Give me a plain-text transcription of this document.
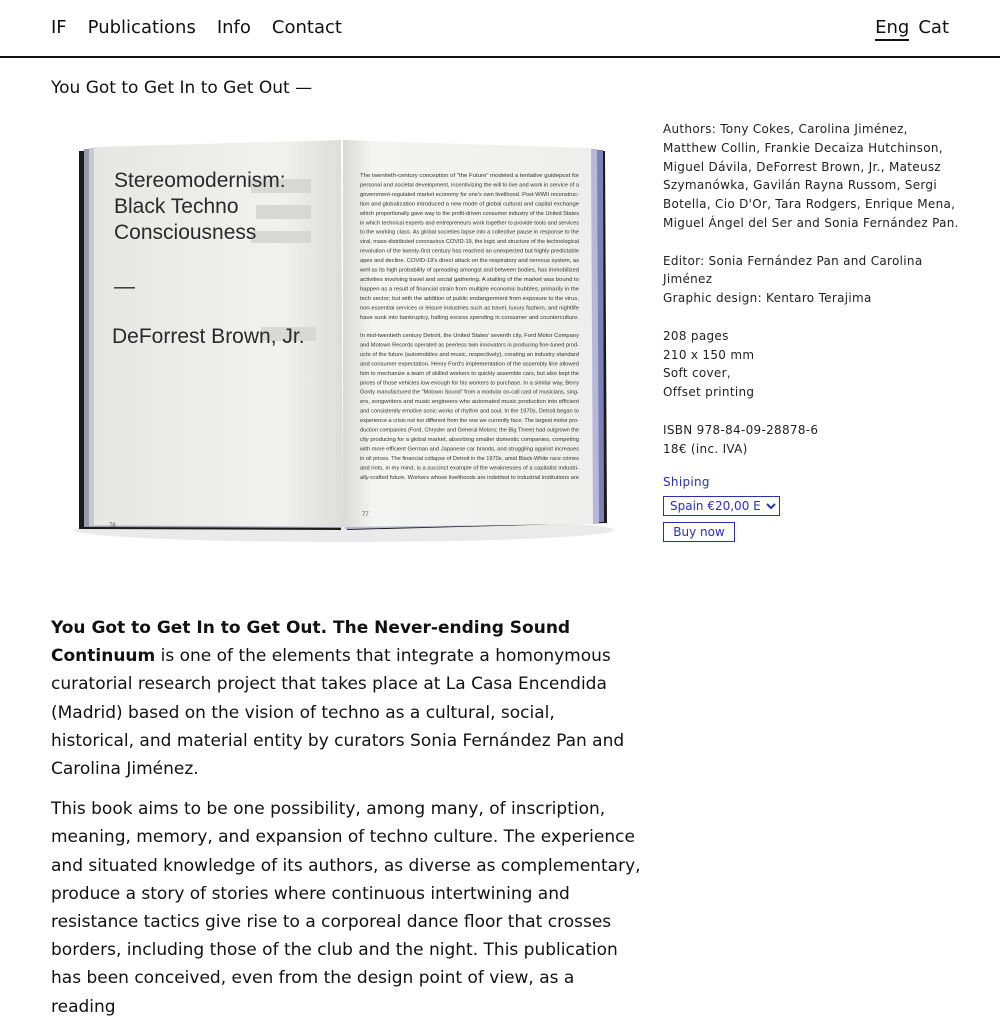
IF Publications Info Contact	Eng Cat
You Got to Get In to Get Out —
Stereomodernism:
Black Techno
Consciousness
—
DeForrest Brown, Jr.
76
The twentieth-century conception of "the Future" modeled a tentative guidepost for
personal and societal development, incentivizing the will to live and work in service of a
government-regulated market economy for one's own livelihood. Post-WWII reconstruc-
tion and globalization introduced a new mode of global cultural and capital exchange
which proportionally gave way to the profit-driven consumer industry of the United States
in which technical experts and entrepreneurs work together to provide tools and services
to the working class. As global societies lapse into a collective pause in response to the
viral, mass-distributed coronavirus COVID-19, the logic and structure of the technological
revolution of the twenty-first century has reached an unexpected but highly predictable
apex and decline. COVID-19's direct attack on the respiratory and nervous system, as
well as its high probability of spreading amongst and between bodies, has immobilized
activities involving travel and social gathering. A stalling of the market was bound to
happen as a result of financial strain from multiple economic bubbles; primarily in the
tech sector; but with the addition of public endangerment from exposure to the virus,
non-essential services or leisure industries such as travel, luxury fashion, and nightlife
have sunk into bankruptcy, halting excess spending in consumer and counterculture.
In mid-twentieth century Detroit, the United States' seventh city, Ford Motor Company
and Motown Records operated as peerless twin innovators in producing fine-tuned prod-
ucts of the future (automobiles and music, respectively), creating an industry standard
and consumer expectation. Henry Ford's implementation of the assembly line allowed
him to mechanize a team of skilled workers to quickly assemble cars, but also kept the
prices of those vehicles low enough for his workers to purchase. In a similar way, Berry
Gordy manufactured the "Motown Sound" from a modular on-call cast of musicians, sing-
ers, songwriters and music engineers who automated music production into efficient
and consistently emotive sonic works of rhythm and soul. In the 1970s, Detroit began to
experience a crisis not too different from the one we currently face. The largest motor pro-
duction companies (Ford, Chrysler and General Motors; the Big Three) had outgrown the
city producing for a global market, absorbing smaller domestic companies, competing
with more efficient German and Japanese car brands, and struggling against increases
in oil prices. The financial collapse of Detroit in the 1970s, amid Black-White race crimes
and riots, in my mind, is a succinct example of the weaknesses of a capitalist industri-
ally-crafted future. Workers whose livelihoods are indebted to industrial institutions are
77

Authors: Tony Cokes, Carolina Jiménez, Matthew Collin, Frankie Decaiza Hutchinson, Miguel Dávila, DeForrest Brown, Jr., Mateusz Szymanówka, Gavilán Rayna Russom, Sergi Botella, Cio D'Or, Tara Rodgers, Enrique Mena, Miguel Ángel del Ser and Sonia Fernández Pan.

Editor: Sonia Fernández Pan and Carolina Jiménez
Graphic design: Kentaro Terajima

208 pages
210 x 150 mm
Soft cover,
Offset printing

ISBN 978-84-09-28878-6
18€ (inc. IVA)

Shiping
Spain €20,00 EUR
Buy now

You Got to Get In to Get Out. The Never-ending Sound Continuum is one of the elements that integrate a homonymous curatorial research project that takes place at La Casa Encendida (Madrid) based on the vision of techno as a cultural, social, historical, and material entity by curators Sonia Fernández Pan and Carolina Jiménez.

This book aims to be one possibility, among many, of inscription, meaning, memory, and expansion of techno culture. The experience and situated knowledge of its authors, as diverse as complementary, produce a story of stories where continuous intertwining and resistance tactics give rise to a corporeal dance floor that crosses borders, including those of the club and the night. This publication has been conceived, even from the design point of view, as a reading
